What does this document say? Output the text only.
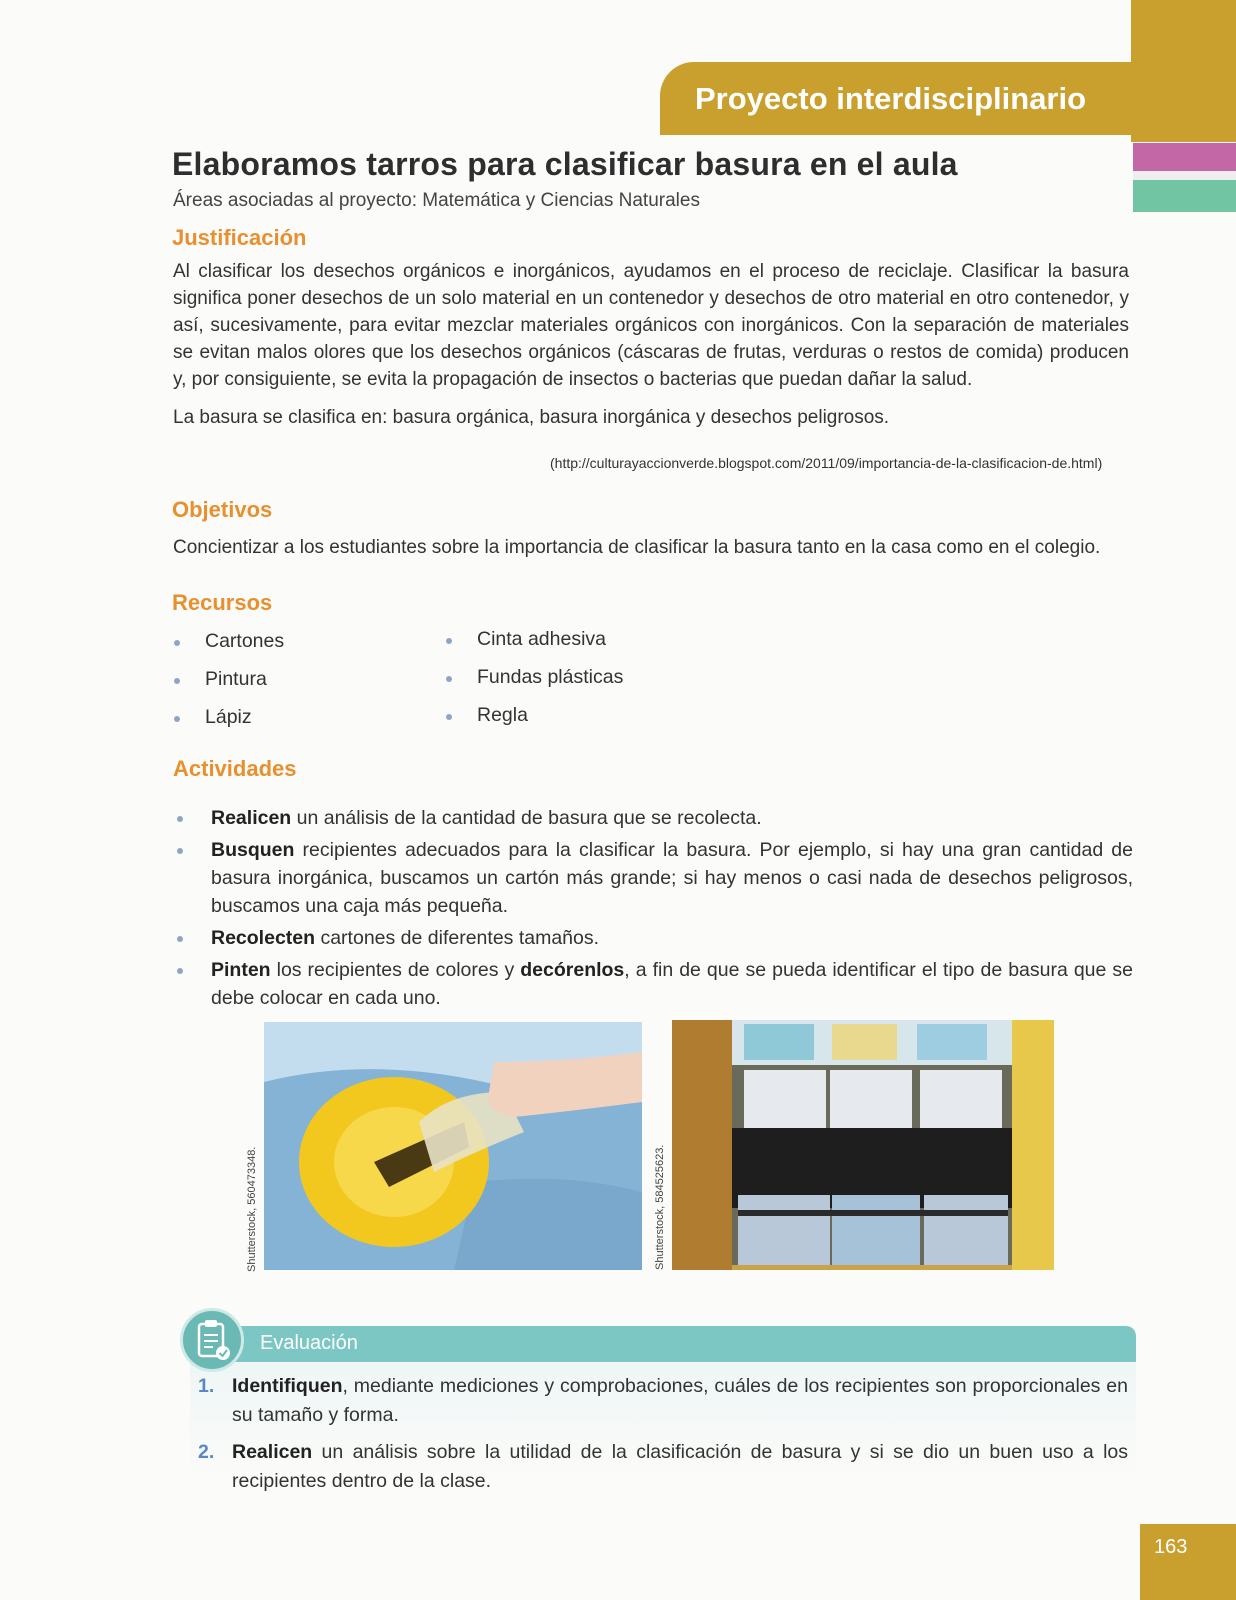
Proyecto interdisciplinario
Elaboramos tarros para clasificar basura en el aula
Áreas asociadas al proyecto: Matemática y Ciencias Naturales
Justificación
Al clasificar los desechos orgánicos e inorgánicos, ayudamos en el proceso de reciclaje. Clasificar la basura significa poner desechos de un solo material en un contenedor y desechos de otro material en otro contenedor, y así, sucesivamente, para evitar mezclar materiales orgánicos con inorgánicos. Con la separación de materiales se evitan malos olores que los desechos orgánicos (cáscaras de frutas, verduras o restos de comida) producen y, por consiguiente, se evita la propagación de insectos o bacterias que puedan dañar la salud.
La basura se clasifica en: basura orgánica, basura inorgánica y desechos peligrosos.
(http://culturayaccionverde.blogspot.com/2011/09/importancia-de-la-clasificacion-de.html)
Objetivos
Concientizar a los estudiantes sobre la importancia de clasificar la basura tanto en la casa como en el colegio.
Recursos
Cartones
Pintura
Lápiz
Cinta adhesiva
Fundas plásticas
Regla
Actividades
Realicen un análisis de la cantidad de basura que se recolecta.
Busquen recipientes adecuados para la clasificar la basura. Por ejemplo, si hay una gran cantidad de basura inorgánica, buscamos un cartón más grande; si hay menos o casi nada de desechos peligrosos, buscamos una caja más pequeña.
Recolecten cartones de diferentes tamaños.
Pinten los recipientes de colores y decórenlos, a fin de que se pueda identificar el tipo de basura que se debe colocar en cada uno.
Shutterstock, 560473348.	Shutterstock, 584525623.
Evaluación
1. Identifiquen, mediante mediciones y comprobaciones, cuáles de los recipientes son proporcionales en su tamaño y forma.
2. Realicen un análisis sobre la utilidad de la clasificación de basura y si se dio un buen uso a los recipientes dentro de la clase.
163
